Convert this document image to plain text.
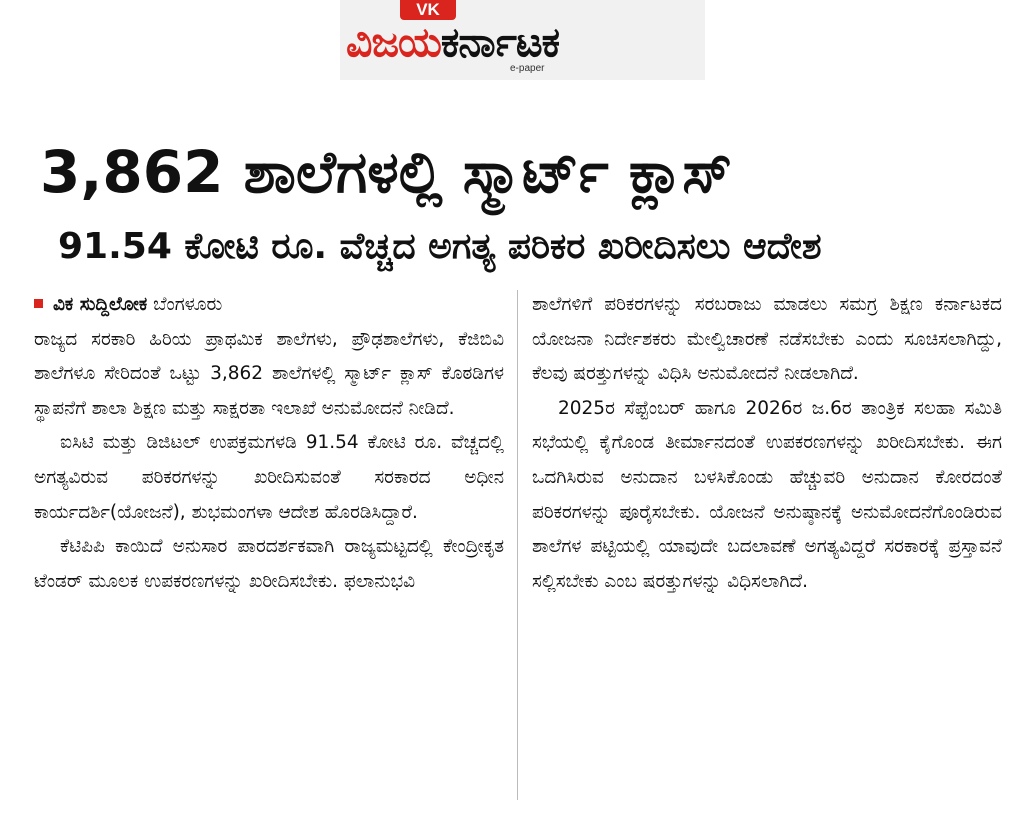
VK
ವಿಜಯಕರ್ನಾಟಕ
e-paper
3,862 ಶಾಲೆಗಳಲ್ಲಿ ಸ್ಮಾರ್ಟ್ ಕ್ಲಾಸ್
91.54 ಕೋಟಿ ರೂ. ವೆಚ್ಚದ ಅಗತ್ಯ ಪರಿಕರ ಖರೀದಿಸಲು ಆದೇಶ
ವಿಕ ಸುದ್ದಿಲೋಕ ಬೆಂಗಳೂರು

ರಾಜ್ಯದ ಸರಕಾರಿ ಹಿರಿಯ ಪ್ರಾಥಮಿಕ ಶಾಲೆಗಳು, ಪ್ರೌಢಶಾಲೆಗಳು, ಕೆಜಿಬಿವಿ ಶಾಲೆಗಳೂ ಸೇರಿದಂತೆ ಒಟ್ಟು 3,862 ಶಾಲೆಗಳಲ್ಲಿ ಸ್ಮಾರ್ಟ್ ಕ್ಲಾಸ್ ಕೊಠಡಿಗಳ ಸ್ಥಾಪನೆಗೆ ಶಾಲಾ ಶಿಕ್ಷಣ ಮತ್ತು ಸಾಕ್ಷರತಾ ಇಲಾಖೆ ಅನುಮೋದನೆ ನೀಡಿದೆ.

ಐಸಿಟಿ ಮತ್ತು ಡಿಜಿಟಲ್ ಉಪಕ್ರಮಗಳಡಿ 91.54 ಕೋಟಿ ರೂ. ವೆಚ್ಚದಲ್ಲಿ ಅಗತ್ಯವಿರುವ ಪರಿಕರಗಳನ್ನು ಖರೀದಿಸುವಂತೆ ಸರಕಾರದ ಅಧೀನ ಕಾರ್ಯದರ್ಶಿ(ಯೋಜನೆ), ಶುಭಮಂಗಳಾ ಆದೇಶ ಹೊರಡಿಸಿದ್ದಾರೆ.

ಕೆಟಿಪಿಪಿ ಕಾಯಿದೆ ಅನುಸಾರ ಪಾರದರ್ಶಕವಾಗಿ ರಾಜ್ಯಮಟ್ಟದಲ್ಲಿ ಕೇಂದ್ರೀಕೃತ ಟೆಂಡರ್ ಮೂಲಕ ಉಪಕರಣಗಳನ್ನು ಖರೀದಿಸಬೇಕು. ಫಲಾನುಭವಿ

ಶಾಲೆಗಳಿಗೆ ಪರಿಕರಗಳನ್ನು ಸರಬರಾಜು ಮಾಡಲು ಸಮಗ್ರ ಶಿಕ್ಷಣ ಕರ್ನಾಟಕದ ಯೋಜನಾ ನಿರ್ದೇಶಕರು ಮೇಲ್ವಿಚಾರಣೆ ನಡೆಸಬೇಕು ಎಂದು ಸೂಚಿಸಲಾಗಿದ್ದು, ಕೆಲವು ಷರತ್ತುಗಳನ್ನು ವಿಧಿಸಿ ಅನುಮೋದನೆ ನೀಡಲಾಗಿದೆ.

2025ರ ಸೆಪ್ಟೆಂಬರ್ ಹಾಗೂ 2026ರ ಜ.6ರ ತಾಂತ್ರಿಕ ಸಲಹಾ ಸಮಿತಿ ಸಭೆಯಲ್ಲಿ ಕೈಗೊಂಡ ತೀರ್ಮಾನದಂತೆ ಉಪಕರಣಗಳನ್ನು ಖರೀದಿಸಬೇಕು. ಈಗ ಒದಗಿಸಿರುವ ಅನುದಾನ ಬಳಸಿಕೊಂಡು ಹೆಚ್ಚುವರಿ ಅನುದಾನ ಕೋರದಂತೆ ಪರಿಕರಗಳನ್ನು ಪೂರೈಸಬೇಕು. ಯೋಜನೆ ಅನುಷ್ಠಾನಕ್ಕೆ ಅನುಮೋದನೆಗೊಂಡಿರುವ ಶಾಲೆಗಳ ಪಟ್ಟಿಯಲ್ಲಿ ಯಾವುದೇ ಬದಲಾವಣೆ ಅಗತ್ಯವಿದ್ದರೆ ಸರಕಾರಕ್ಕೆ ಪ್ರಸ್ತಾವನೆ ಸಲ್ಲಿಸಬೇಕು ಎಂಬ ಷರತ್ತುಗಳನ್ನು ವಿಧಿಸಲಾಗಿದೆ.
